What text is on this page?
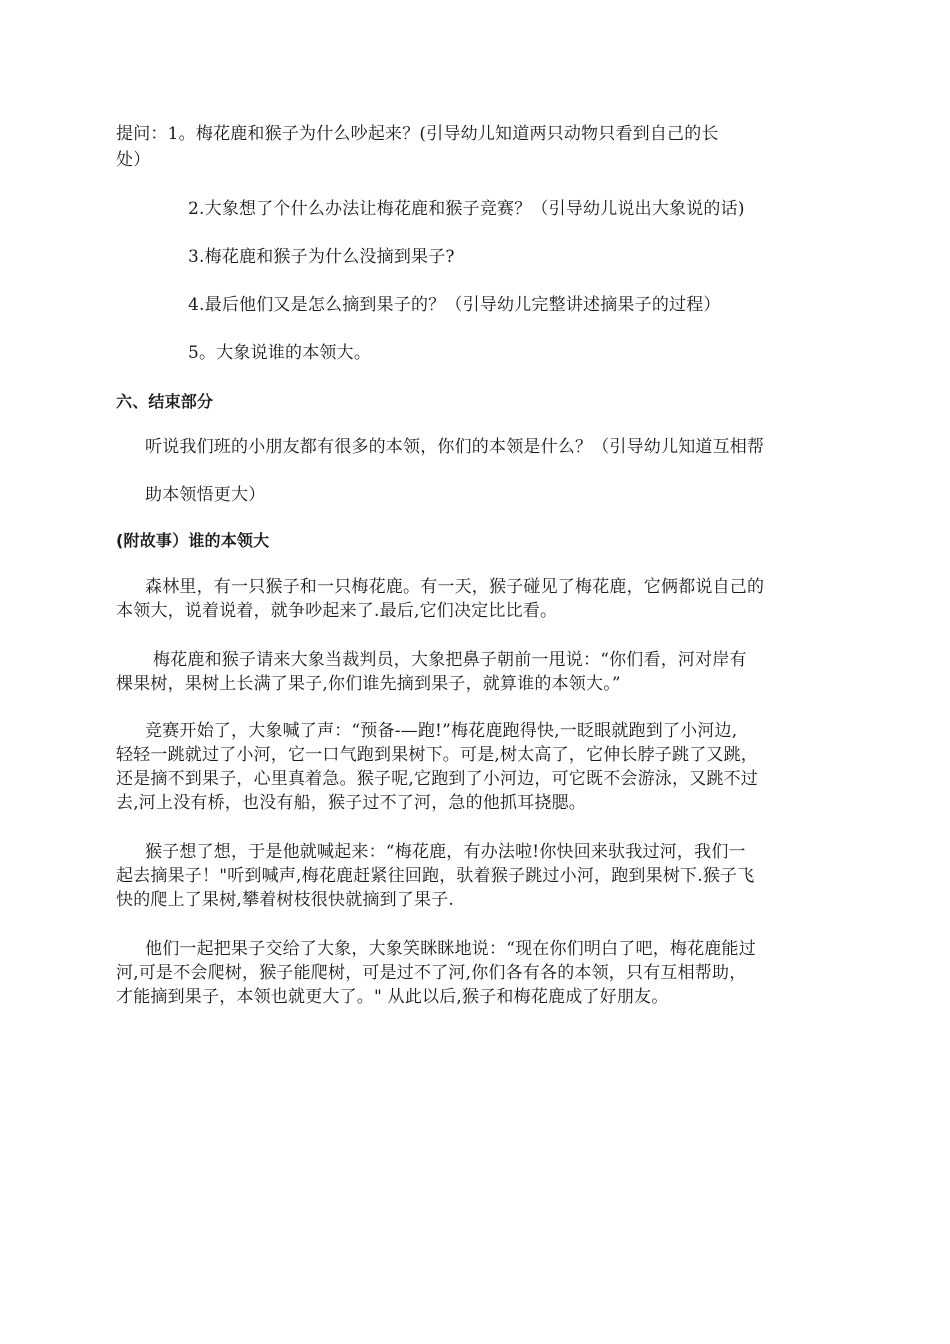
提问：1。梅花鹿和猴子为什么吵起来？(引导幼儿知道两只动物只看到自己的长
处）
2.大象想了个什么办法让梅花鹿和猴子竞赛？（引导幼儿说出大象说的话)
3.梅花鹿和猴子为什么没摘到果子?
4.最后他们又是怎么摘到果子的？（引导幼儿完整讲述摘果子的过程）
5。大象说谁的本领大。
六、结束部分
听说我们班的小朋友都有很多的本领，你们的本领是什么？（引导幼儿知道互相帮
助本领悟更大）
(附故事）谁的本领大
森林里，有一只猴子和一只梅花鹿。有一天，猴子碰见了梅花鹿，它俩都说自己的
本领大，说着说着，就争吵起来了.最后,它们决定比比看。
梅花鹿和猴子请来大象当裁判员，大象把鼻子朝前一甩说：“你们看，河对岸有
棵果树，果树上长满了果子,你们谁先摘到果子，就算谁的本领大。”
竞赛开始了，大象喊了声：“预备-—跑!”梅花鹿跑得快,一眨眼就跑到了小河边,
轻轻一跳就过了小河，它一口气跑到果树下。可是,树太高了，它伸长脖子跳了又跳，
还是摘不到果子，心里真着急。猴子呢,它跑到了小河边，可它既不会游泳，又跳不过
去,河上没有桥，也没有船，猴子过不了河，急的他抓耳挠腮。
猴子想了想，于是他就喊起来：“梅花鹿，有办法啦!你快回来驮我过河，我们一
起去摘果子！"听到喊声,梅花鹿赶紧往回跑，驮着猴子跳过小河，跑到果树下.猴子飞
快的爬上了果树,攀着树枝很快就摘到了果子.
他们一起把果子交给了大象，大象笑眯眯地说：“现在你们明白了吧，梅花鹿能过
河,可是不会爬树，猴子能爬树，可是过不了河,你们各有各的本领，只有互相帮助，
才能摘到果子，本领也就更大了。" 从此以后,猴子和梅花鹿成了好朋友。
